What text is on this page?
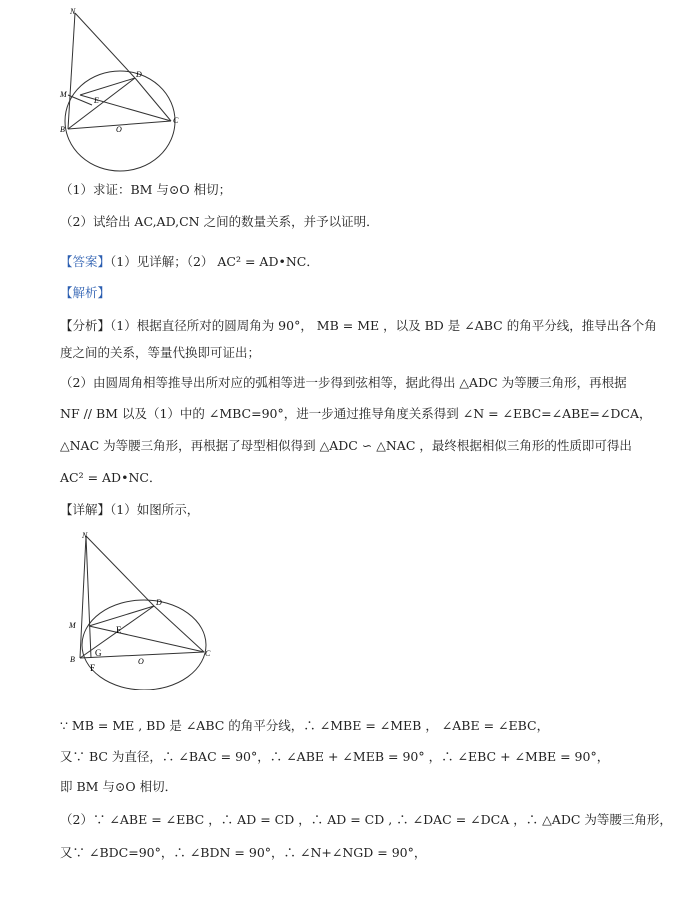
N
D
M
E
B	O
C
（1）求证：BM 与⊙O 相切；
（2）试给出 AC,AD,CN 之间的数量关系，并予以证明．
【答案】（1）见详解；（2） AC² = AD•NC．
【解析】
【分析】（1）根据直径所对的圆周角为 90°， MB = ME ，以及 BD 是 ∠ABC 的角平分线，推导出各个角
度之间的关系，等量代换即可证出；
（2）由圆周角相等推导出所对应的弧相等进一步得到弦相等，据此得出 △ADC 为等腰三角形，再根据
NF // BM 以及（1）中的 ∠MBC=90°，进一步通过推导角度关系得到 ∠N = ∠EBC=∠ABE=∠DCA，
△NAC 为等腰三角形，再根据了母型相似得到 △ADC ∽ △NAC ，最终根据相似三角形的性质即可得出
AC² = AD•NC．
【详解】（1）如图所示，
N
D
M	E
G
B
F
O
C
∵ MB = ME , BD 是 ∠ABC 的角平分线，∴ ∠MBE = ∠MEB ， ∠ABE = ∠EBC，
又∵ BC 为直径，∴ ∠BAC = 90°，∴ ∠ABE + ∠MEB = 90° ，∴ ∠EBC + ∠MBE = 90°，
即 BM 与⊙O 相切．
（2）∵ ∠ABE = ∠EBC ，∴ AD = CD ，∴ AD = CD , ∴ ∠DAC = ∠DCA ，∴ △ADC 为等腰三角形，
又∵ ∠BDC=90°，∴ ∠BDN = 90°，∴ ∠N+∠NGD = 90°，
